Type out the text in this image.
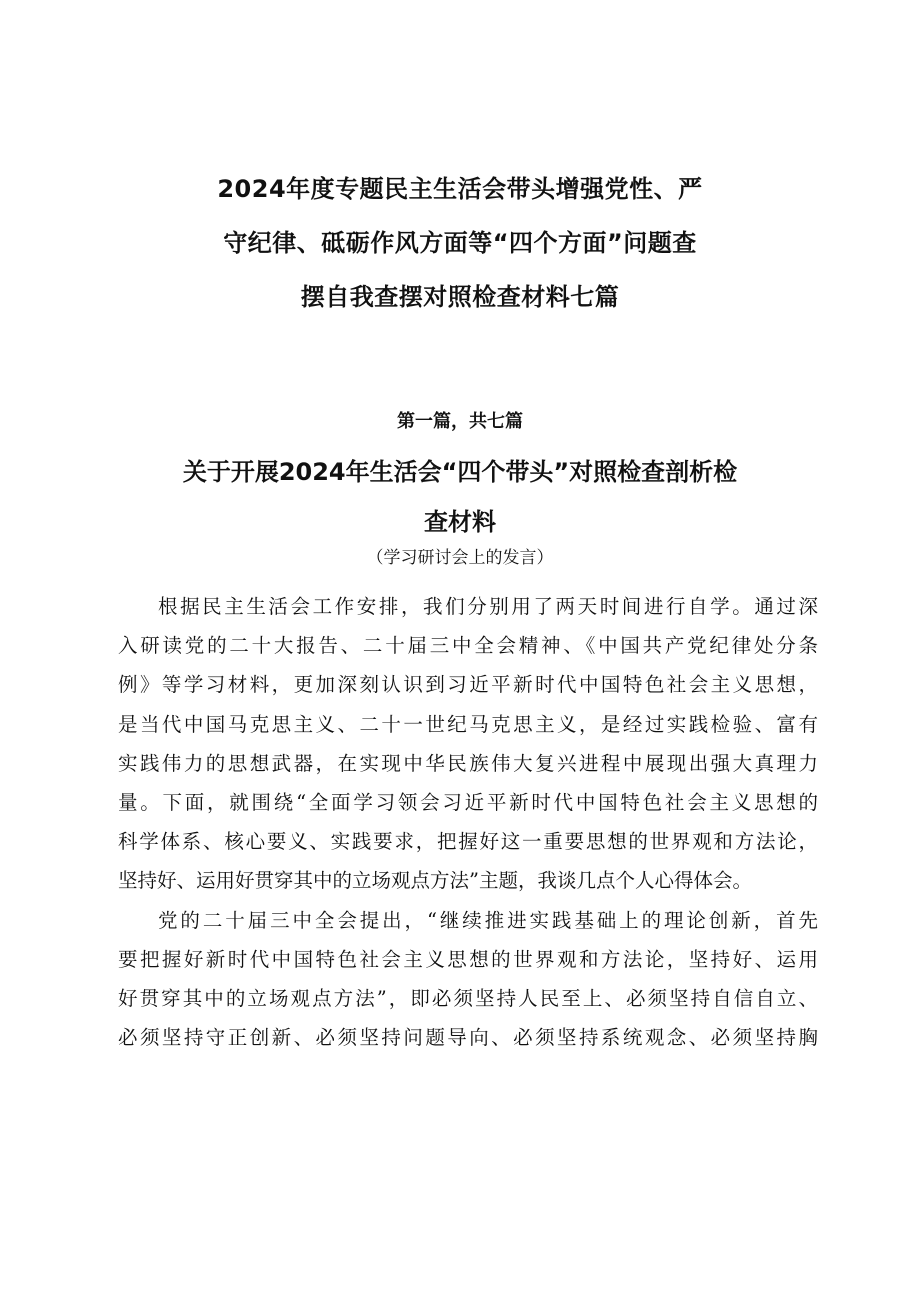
2024年度专题民主生活会带头增强党性、严
守纪律、砥砺作风方面等“四个方面”问题查
摆自我查摆对照检查材料七篇
第一篇，共七篇
关于开展2024年生活会“四个带头”对照检查剖析检
查材料
（学习研讨会上的发言）
根据民主生活会工作安排，我们分别用了两天时间进行自学。通过深
入研读党的二十大报告、二十届三中全会精神、《中国共产党纪律处分条
例》等学习材料，更加深刻认识到习近平新时代中国特色社会主义思想，
是当代中国马克思主义、二十一世纪马克思主义，是经过实践检验、富有
实践伟力的思想武器，在实现中华民族伟大复兴进程中展现出强大真理力
量。下面，就围绕“全面学习领会习近平新时代中国特色社会主义思想的
科学体系、核心要义、实践要求，把握好这一重要思想的世界观和方法论，
坚持好、运用好贯穿其中的立场观点方法”主题，我谈几点个人心得体会。
党的二十届三中全会提出，“继续推进实践基础上的理论创新，首先
要把握好新时代中国特色社会主义思想的世界观和方法论，坚持好、运用
好贯穿其中的立场观点方法”，即必须坚持人民至上、必须坚持自信自立、
必须坚持守正创新、必须坚持问题导向、必须坚持系统观念、必须坚持胸
